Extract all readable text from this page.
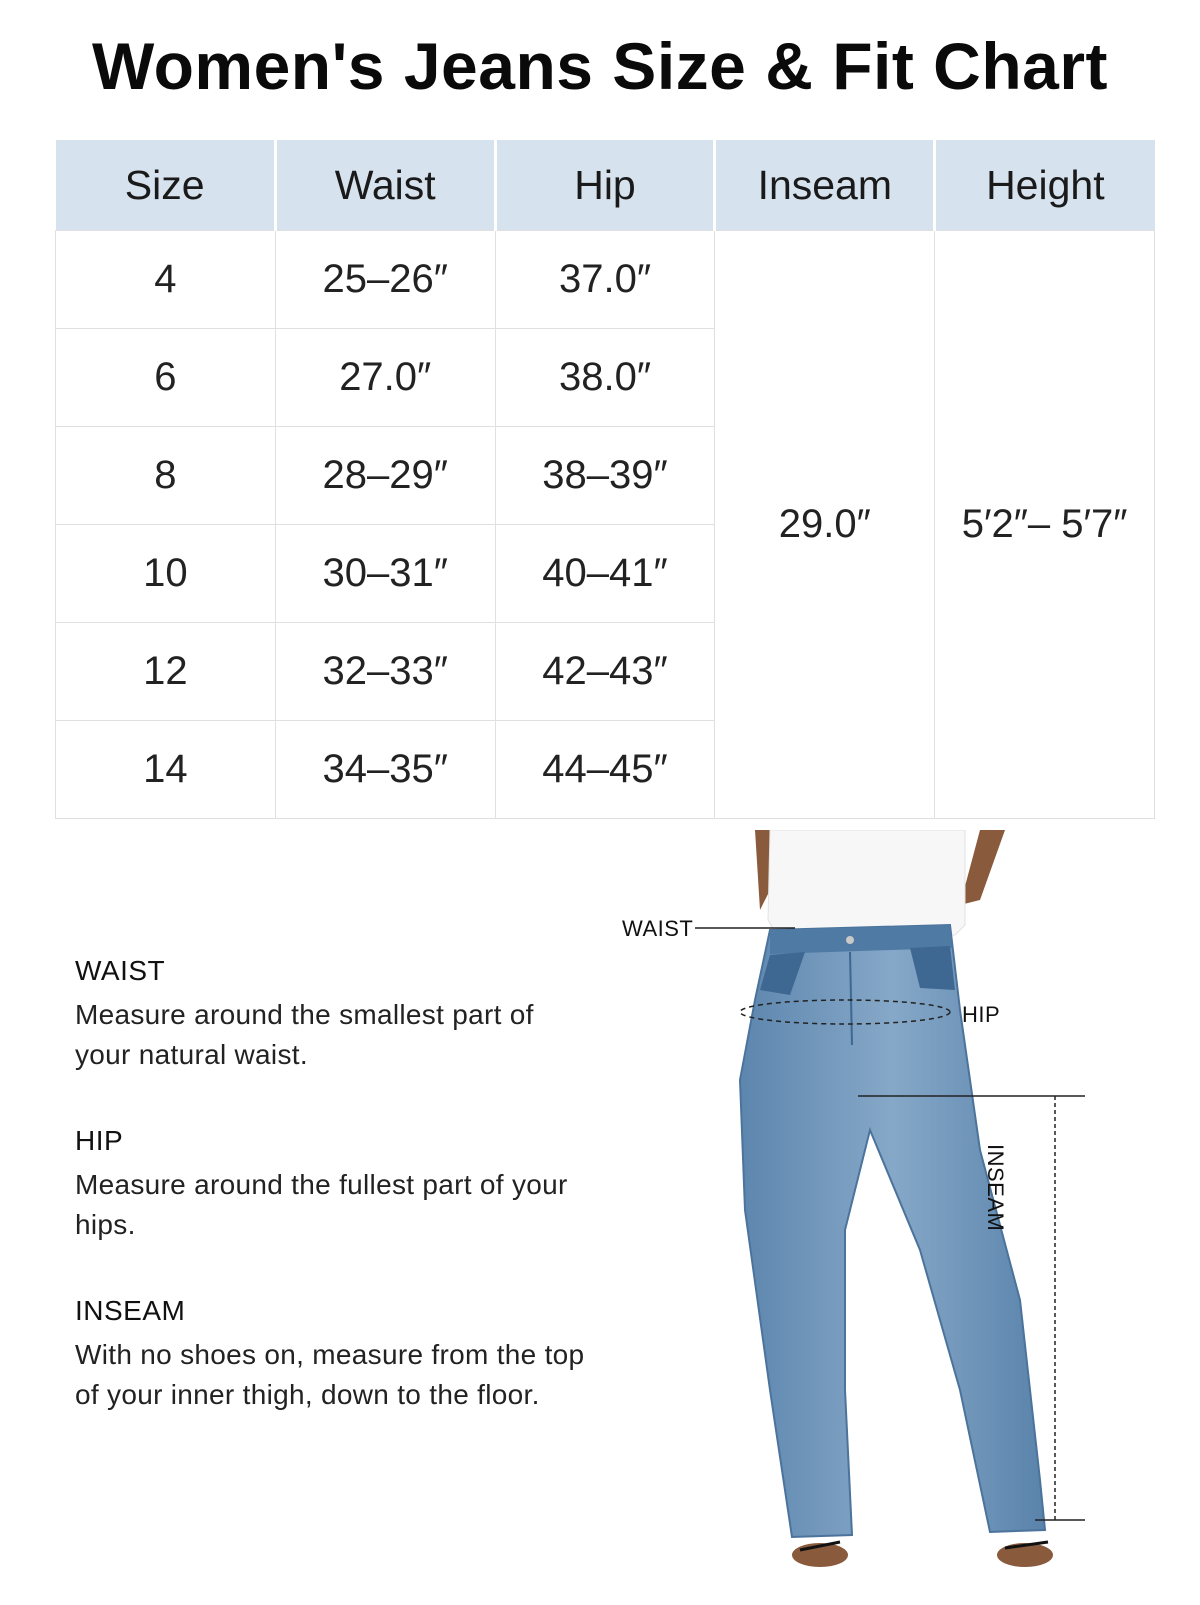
Women's Jeans Size & Fit Chart
Size	Waist	Hip	Inseam	Height
4	25–26″	37.0″	29.0″	5′2″– 5′7″
6	27.0″	38.0″		
8	28–29″	38–39″		
10	30–31″	40–41″		
12	32–33″	42–43″		
14	34–35″	44–45″		
WAIST

Measure around the smallest part of your natural waist.

HIP

Measure around the fullest part of your hips.

INSEAM

With no shoes on, measure from the top of your inner thigh, down to the floor.

WAIST
HIP
INSEAM
